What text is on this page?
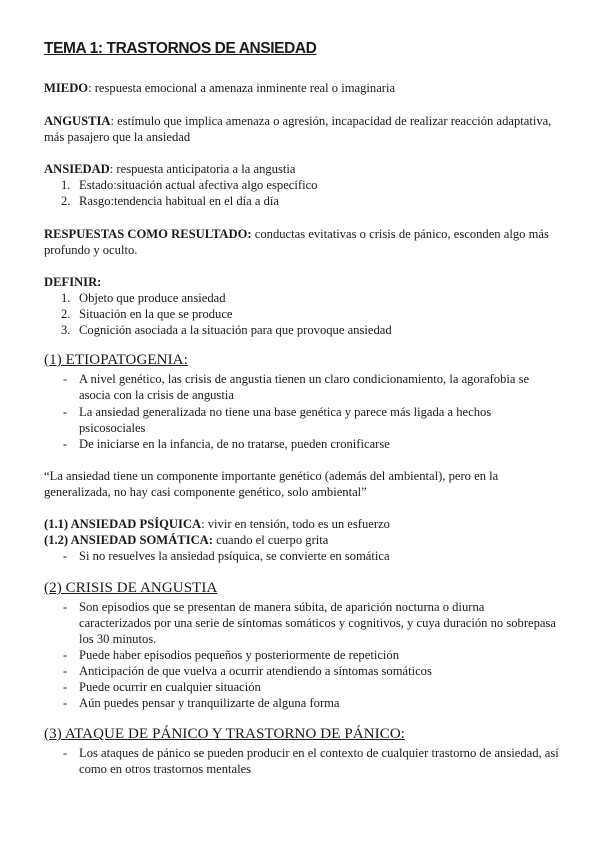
TEMA 1: TRASTORNOS DE ANSIEDAD
MIEDO: respuesta emocional a amenaza inminente real o imaginaria
ANGUSTIA: estímulo que implica amenaza o agresión, incapacidad de realizar reacción adaptativa, más pasajero que la ansiedad
ANSIEDAD: respuesta anticipatoria a la angustia
1. Estado:situación actual afectiva algo específico
2. Rasgo:tendencia habitual en el día a día
RESPUESTAS COMO RESULTADO: conductas evitativas o crisis de pánico, esconden algo más profundo y oculto.
DEFINIR:
1. Objeto que produce ansiedad
2. Situación en la que se produce
3. Cognición asociada a la situación para que provoque ansiedad
(1) ETIOPATOGENIA:
- A nivel genético, las crisis de angustia tienen un claro condicionamiento, la agorafobia se asocia con la crisis de angustia
- La ansiedad generalizada no tiene una base genética y parece más ligada a hechos psicosociales
- De iniciarse en la infancia, de no tratarse, pueden cronificarse
“La ansiedad tiene un componente importante genético (además del ambiental), pero en la generalizada, no hay casi componente genético, solo ambiental”
(1.1) ANSIEDAD PSÍQUICA: vivir en tensión, todo es un esfuerzo
(1.2) ANSIEDAD SOMÁTICA: cuando el cuerpo grita
- Si no resuelves la ansiedad psíquica, se convierte en somática
(2) CRISIS DE ANGUSTIA
- Son episodios que se presentan de manera súbita, de aparición nocturna o diurna caracterizados por una serie de síntomas somáticos y cognitivos, y cuya duración no sobrepasa los 30 minutos.
- Puede haber episodios pequeños y posteriormente de repetición
- Anticipación de que vuelva a ocurrir atendiendo a síntomas somáticos
- Puede ocurrir en cualquier situación
- Aún puedes pensar y tranquilizarte de alguna forma
(3) ATAQUE DE PÁNICO Y TRASTORNO DE PÁNICO:
- Los ataques de pánico se pueden producir en el contexto de cualquier trastorno de ansiedad, así como en otros trastornos mentales
